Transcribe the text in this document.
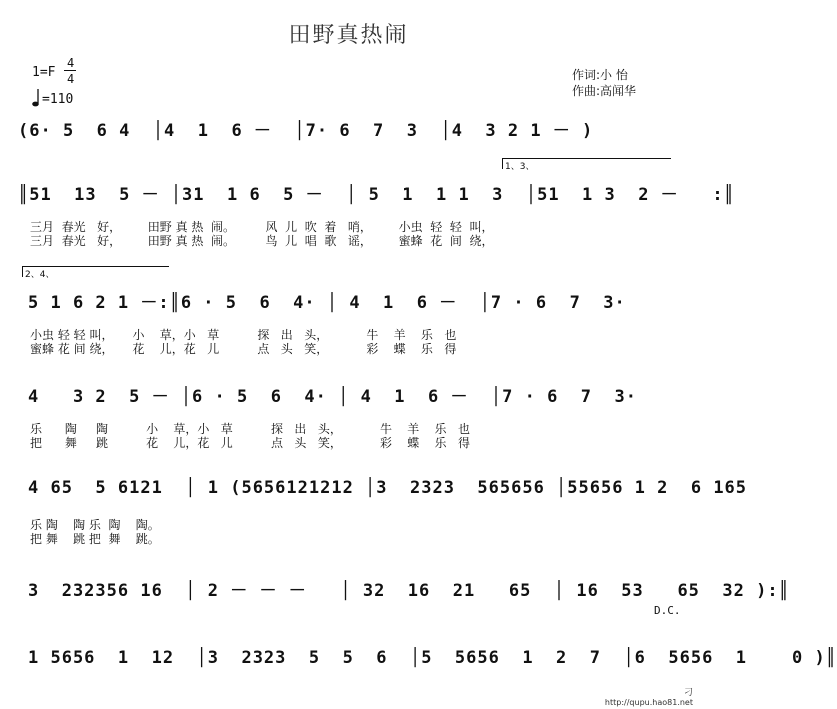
田野真热闹
1=F
4
4
=110
作词:小 怡
作曲:高闻华
(6· 5  6 4  │4  1  6 －  │7· 6  7  3  │4  3 2 1 － )
1、3、
║51  13  5 － │31  1 6  5 －  │ 5  1  1 1  3  │51  1 3  2 －   :║
三月  春光   好，       田野 真 热  闹。        风  儿  吹  着   哨，       小虫  轻  轻  叫，
三月  春光   好，       田野 真 热  闹。        鸟  儿  唱  歌   谣，       蜜蜂  花  间  绕，
2、4、
5 1 6 2 1 －:║6 · 5  6  4· │ 4  1  6 －  │7 · 6  7  3·
小虫 轻 轻 叫，     小    草，小   草          探   出   头，          牛    羊    乐   也
蜜蜂 花 间 绕，     花    儿，花   儿          点   头   笑，          彩    蝶    乐   得
4   3 2  5 － │6 · 5  6  4· │ 4  1  6 －  │7 · 6  7  3·
乐      陶     陶          小    草，小   草          探   出   头，          牛    羊    乐   也
把      舞     跳          花    儿，花   儿          点   头   笑，          彩    蝶    乐   得
4 65  5 6121  │ 1 (5656121212 │3  2323  565656 │55656 1 2  6 165
乐 陶    陶 乐  陶    陶。
把 舞    跳 把  舞    跳。
3  232356 16  │ 2 － － －   │ 32  16  21   65  │ 16  53   65  32 ):║
D.C.
1 5656  1  12  │3  2323  5  5  6  │5  5656  1  2  7  │6  5656  1    0 )║
刁
http://qupu.hao81.net
